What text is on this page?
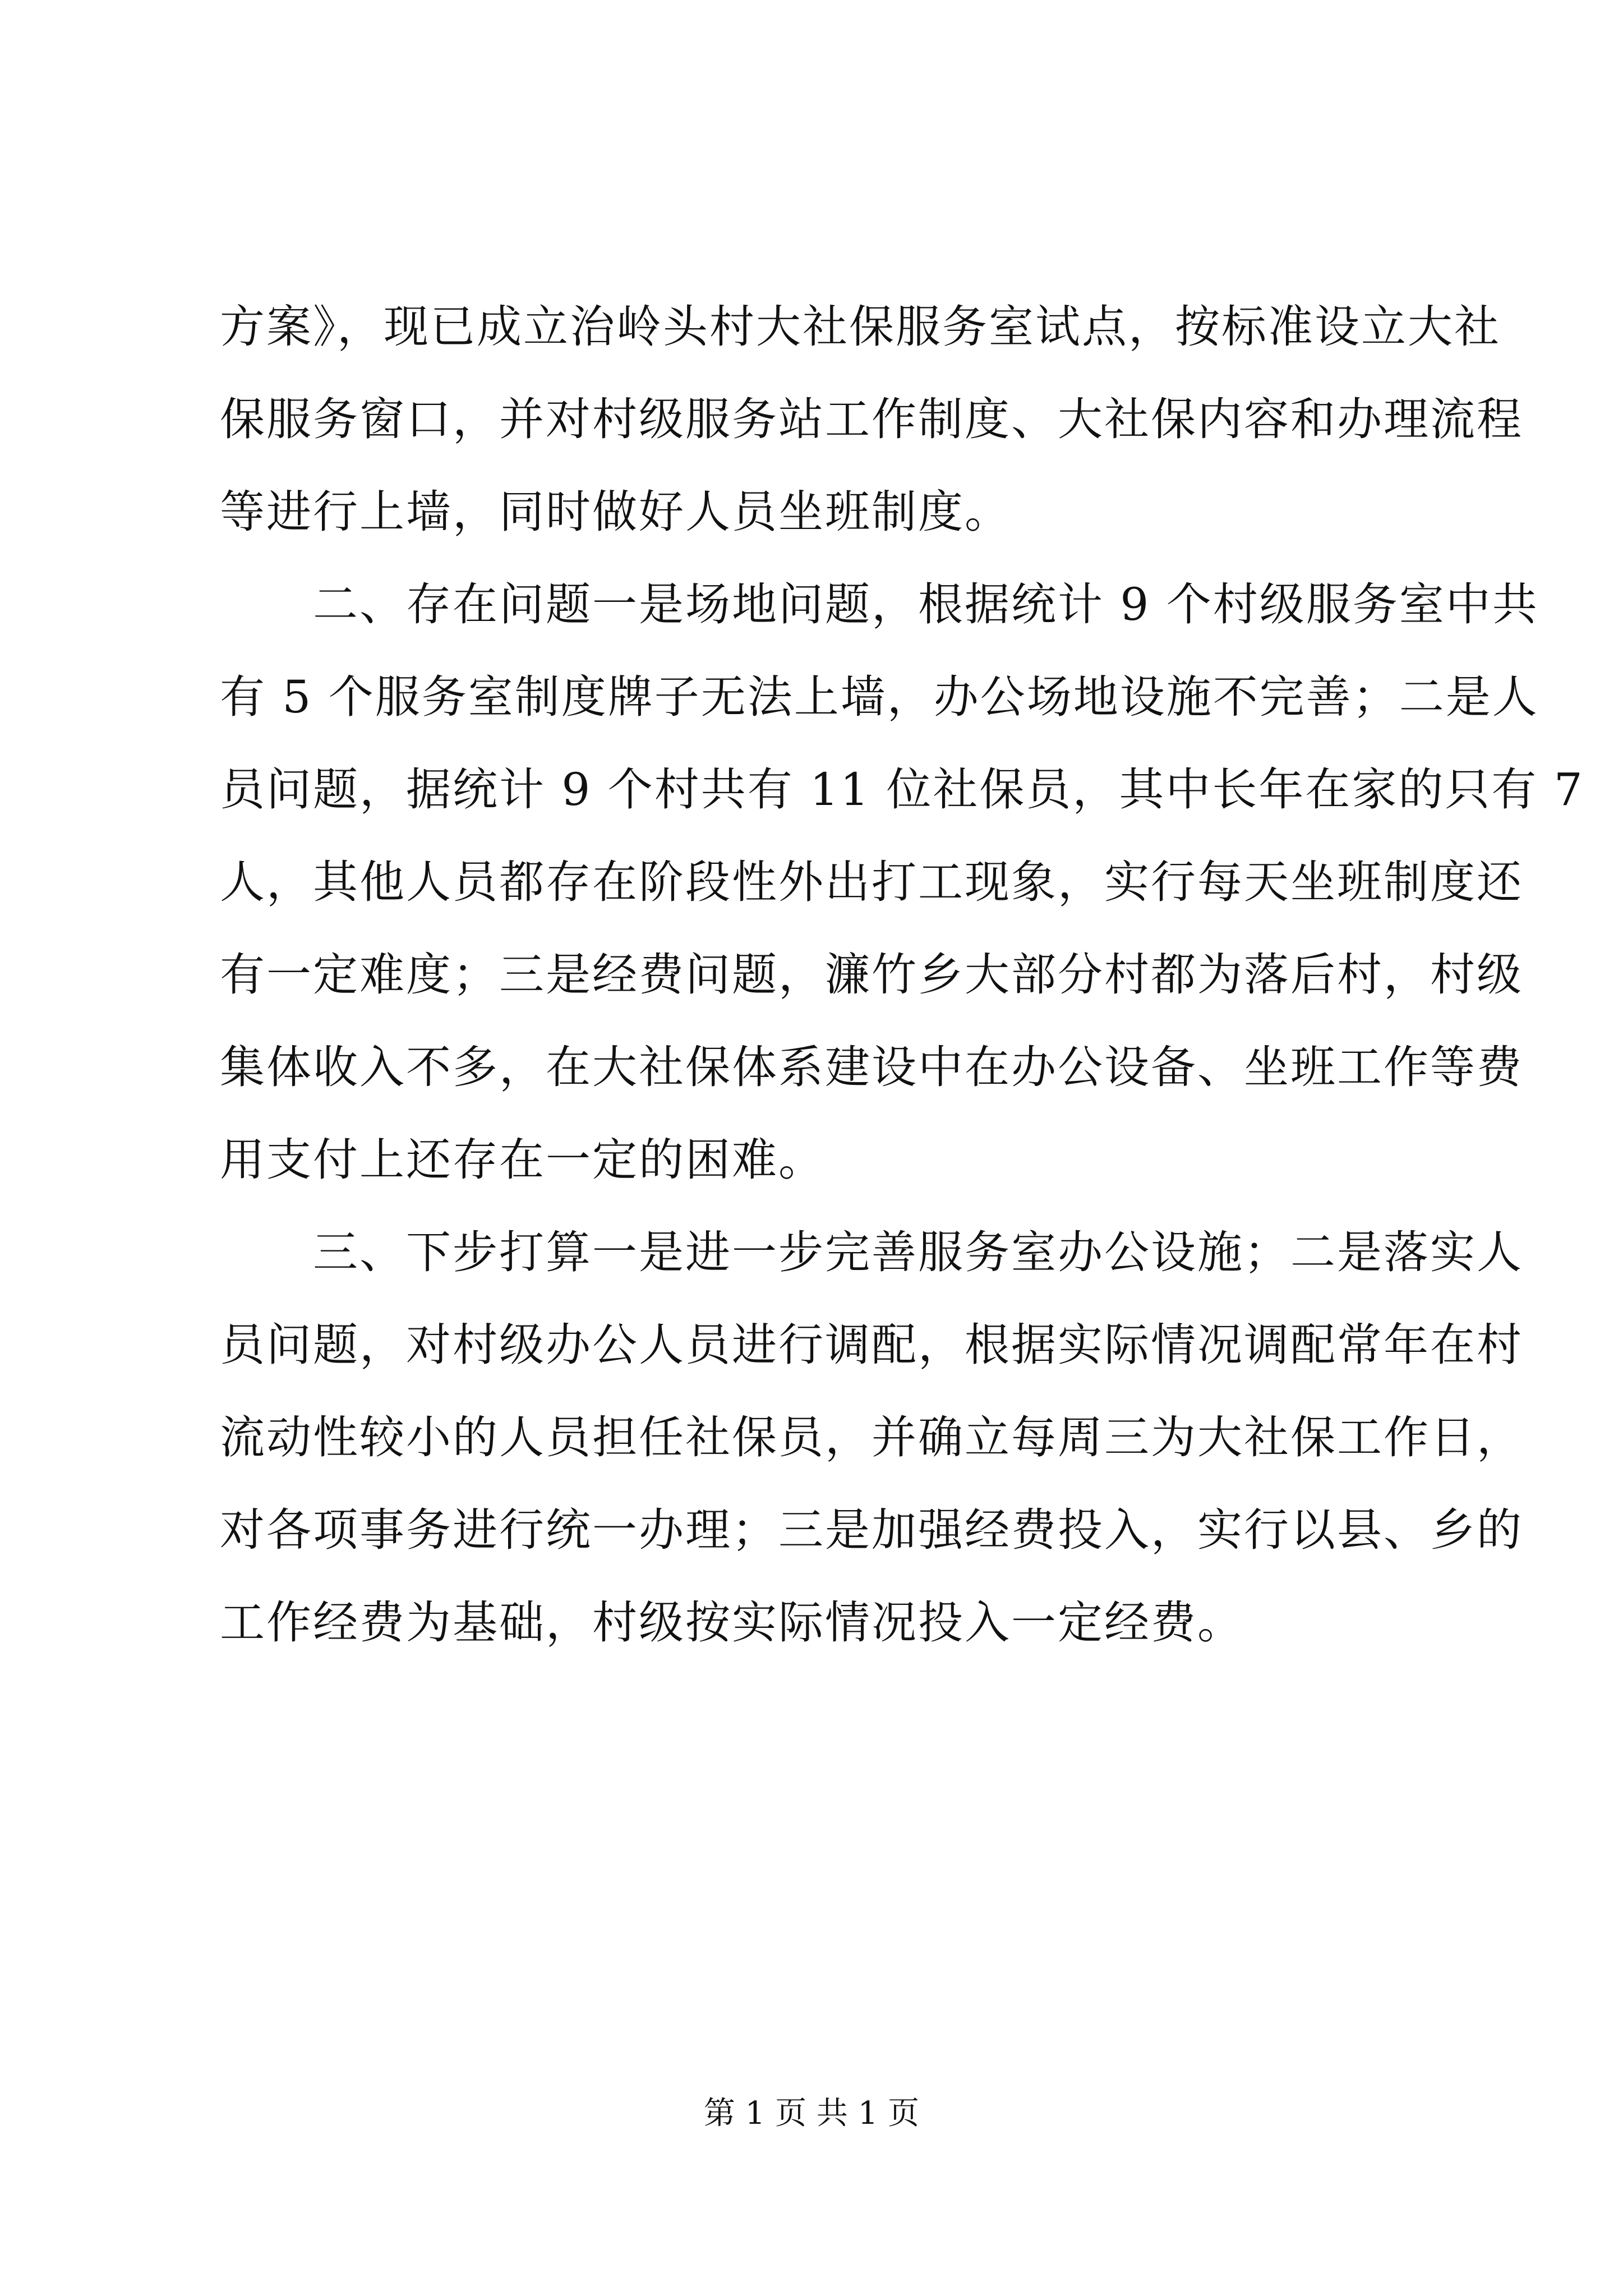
方案》，现已成立治岭头村大社保服务室试点，按标准设立大社
保服务窗口，并对村级服务站工作制度、大社保内容和办理流程
等进行上墙，同时做好人员坐班制度。

二、存在问题一是场地问题，根据统计 9 个村级服务室中共
有 5 个服务室制度牌子无法上墙，办公场地设施不完善；二是人
员问题，据统计 9 个村共有 11 位社保员，其中长年在家的只有 7
人，其他人员都存在阶段性外出打工现象，实行每天坐班制度还
有一定难度；三是经费问题，濂竹乡大部分村都为落后村，村级
集体收入不多，在大社保体系建设中在办公设备、坐班工作等费
用支付上还存在一定的困难。

三、下步打算一是进一步完善服务室办公设施；二是落实人
员问题，对村级办公人员进行调配，根据实际情况调配常年在村
流动性较小的人员担任社保员，并确立每周三为大社保工作日，
对各项事务进行统一办理；三是加强经费投入，实行以县、乡的
工作经费为基础，村级按实际情况投入一定经费。

第 1 页 共 1 页
